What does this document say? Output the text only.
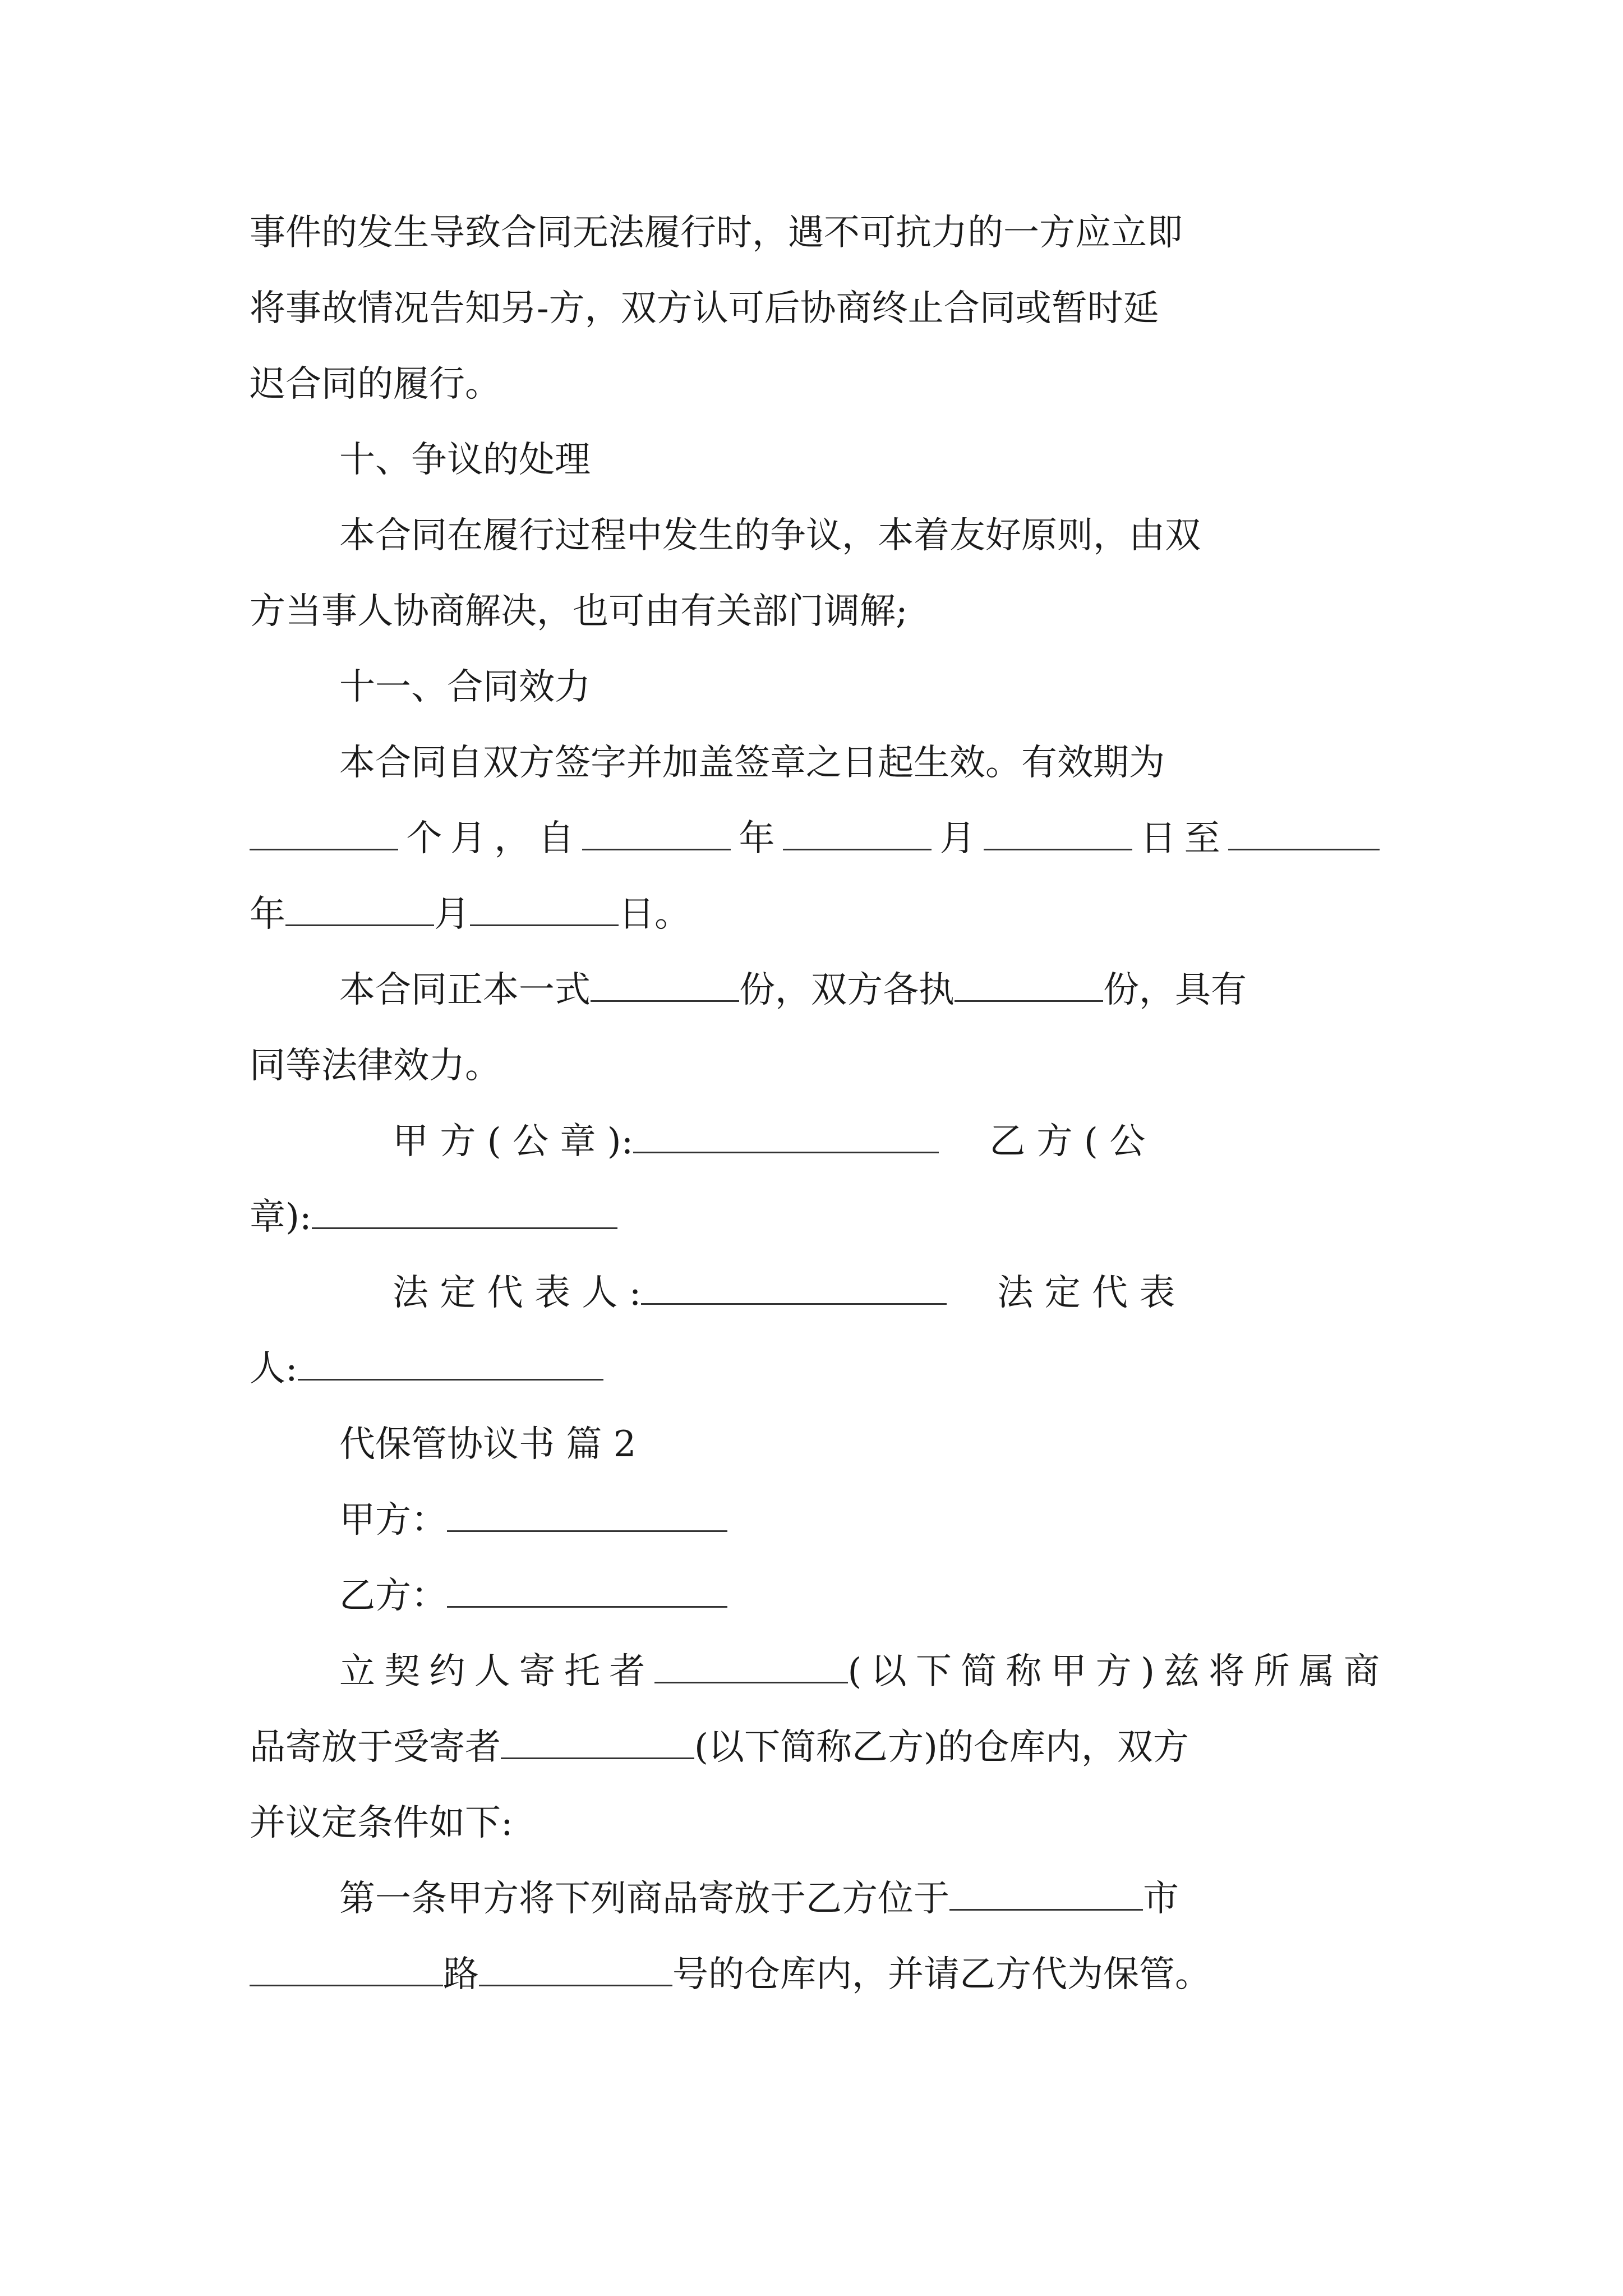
事件的发生导致合同无法履行时，遇不可抗力的一方应立即
将事故情况告知另-方，双方认可后协商终止合同或暂时延
迟合同的履行。
十、争议的处理
本合同在履行过程中发生的争议，本着友好原则，由双
方当事人协商解决，也可由有关部门调解;
十一、合同效力
本合同自双方签字并加盖签章之日起生效。有效期为
个月，自	年	月	日至
年	月	日。
本合同正本一式	份，双方各执	份，具有
同等法律效力。
甲 方 ( 公 章 ):	乙 方 ( 公
章):
法 定 代 表 人 :	法 定 代 表
人:
代保管协议书 篇 2
甲方：
乙方：
立契约人寄托者	(以下简称甲方)兹将所属商
品寄放于受寄者	(以下简称乙方)的仓库内，双方
并议定条件如下:
第一条甲方将下列商品寄放于乙方位于	市
路	号的仓库内，并请乙方代为保管。
